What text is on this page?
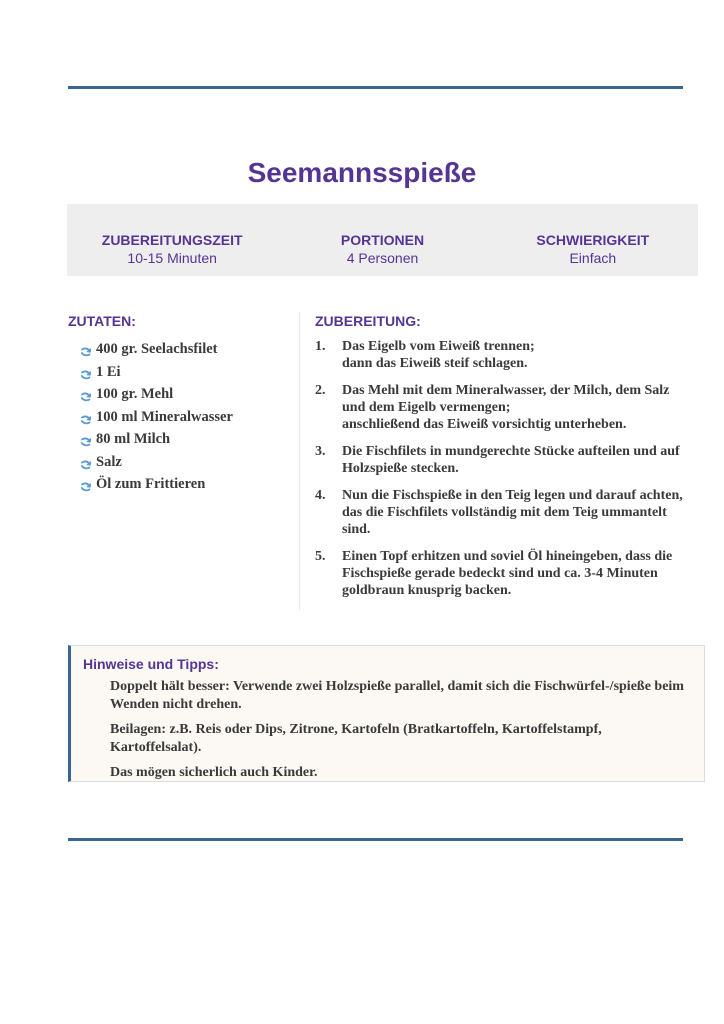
Seemannsspieße
ZUBEREITUNGSZEIT
10-15 Minuten
PORTIONEN
4 Personen
SCHWIERIGKEIT
Einfach
ZUTATEN:
400 gr. Seelachsfilet
1 Ei
100 gr. Mehl
100 ml Mineralwasser
80 ml Milch
Salz
Öl zum Frittieren
ZUBEREITUNG:
1.	Das Eigelb vom Eiweiß trennen;
dann das Eiweiß steif schlagen.
2.	Das Mehl mit dem Mineralwasser, der Milch, dem Salz und dem Eigelb vermengen;
anschließend das Eiweiß vorsichtig unterheben.
3.	Die Fischfilets in mundgerechte Stücke aufteilen und auf Holzspieße stecken.
4.	Nun die Fischspieße in den Teig legen und darauf achten, das die Fischfilets vollständig mit dem Teig ummantelt sind.
5.	Einen Topf erhitzen und soviel Öl hineingeben, dass die Fischspieße gerade bedeckt sind und ca. 3-4 Minuten goldbraun knusprig backen.
Hinweise und Tipps:

Doppelt hält besser: Verwende zwei Holzspieße parallel, damit sich die Fischwürfel-/spieße beim Wenden nicht drehen.

Beilagen: z.B. Reis oder Dips, Zitrone, Kartofeln (Bratkartoffeln, Kartoffelstampf, Kartoffelsalat).

Das mögen sicherlich auch Kinder.
